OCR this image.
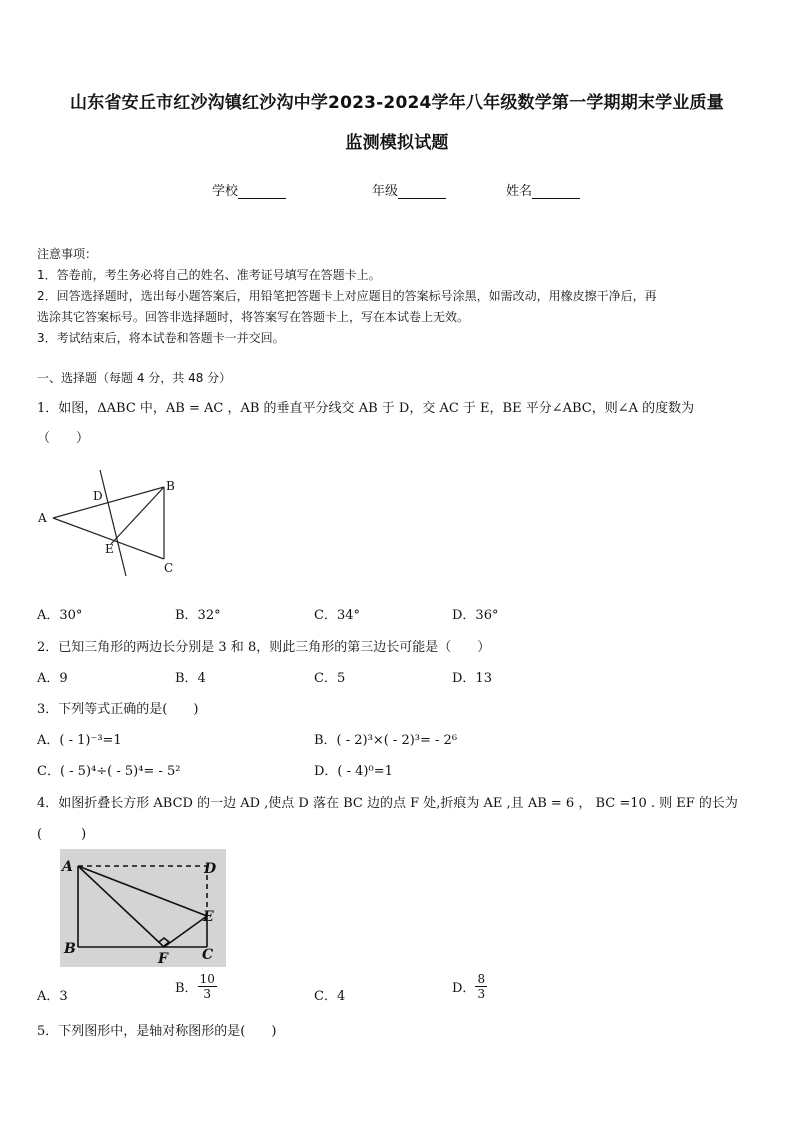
山东省安丘市红沙沟镇红沙沟中学2023-2024学年八年级数学第一学期期末学业质量
监测模拟试题
学校	年级	姓名
注意事项：
1．答卷前，考生务必将自己的姓名、准考证号填写在答题卡上。
2．回答选择题时，选出每小题答案后，用铅笔把答题卡上对应题目的答案标号涂黑，如需改动，用橡皮擦干净后，再
选涂其它答案标号。回答非选择题时，将答案写在答题卡上，写在本试卷上无效。
3．考试结束后，将本试卷和答题卡一并交回。
一、选择题（每题 4 分，共 48 分）
1．如图，ΔABC 中，AB = AC ，AB 的垂直平分线交 AB 于 D，交 AC 于 E，BE 平分∠ABC，则∠A 的度数为
（　　）
A
B
C
D
E
A．30°	B．32°	C．34°	D．36°
2．已知三角形的两边长分别是 3 和 8，则此三角形的第三边长可能是（　　）
A．9	B．4	C．5	D．13
3．下列等式正确的是(　　)
A．( - 1)⁻³=1	B．( - 2)³×( - 2)³= - 2⁶
C．( - 5)⁴÷( - 5)⁴= - 5²	D．( - 4)⁰=1
4．如图折叠长方形 ABCD 的一边 AD ,使点 D 落在 BC 边的点 F 处,折痕为 AE ,且 AB = 6 ， BC =10 . 则 EF 的长为
(　　　)
A
B	C
D
E
F
A．3
B． $\frac{10}{3}$	C．4
D． $\frac{8}{3}$
5．下列图形中，是轴对称图形的是(　　)
